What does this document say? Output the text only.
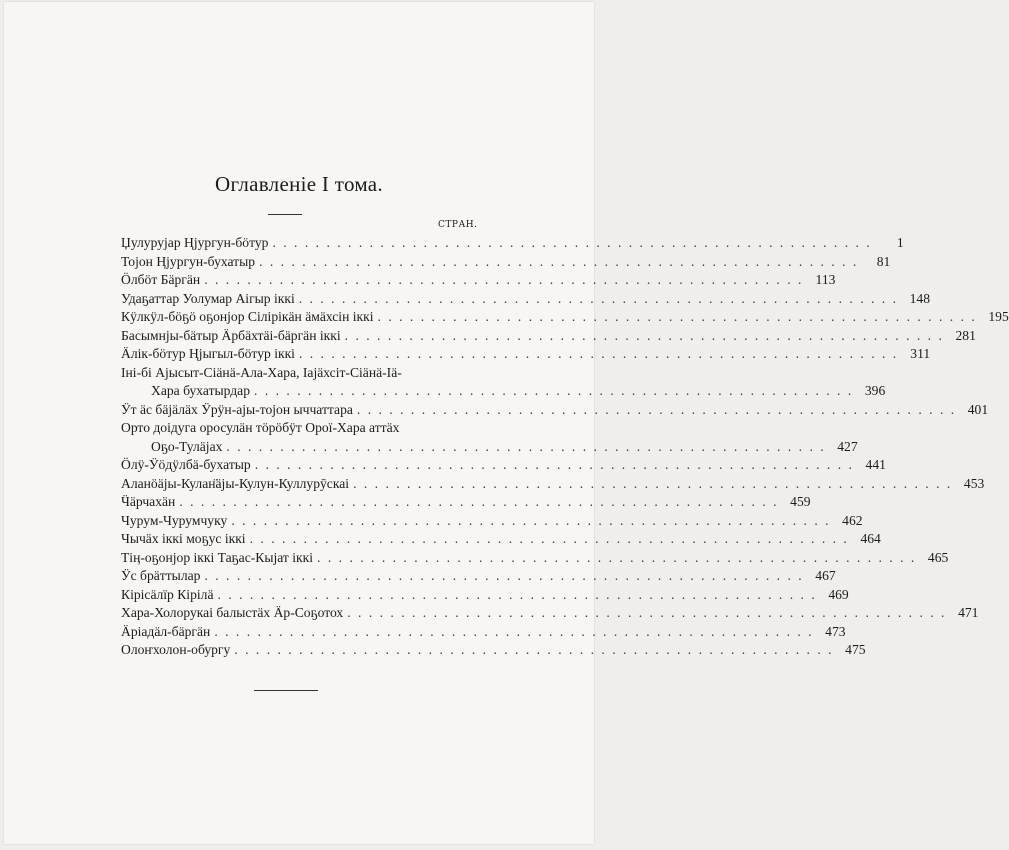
Оглавленіе I тома.
СТРАН.
Џулурујар Ӊјургун-бӧтур . . . . . . . . . . . . . . . . . . . . . . . . . . . . . . . . . . . . . . . . . . . . . . . . . . . . . . . .	1
Тојон Ӊјургун-бухатыр . . . . . . . . . . . . . . . . . . . . . . . . . . . . . . . . . . . . . . . . . . . . . . . . . . . . . . . .	81
Ӧлбӧт Бӓргӓн . . . . . . . . . . . . . . . . . . . . . . . . . . . . . . . . . . . . . . . . . . . . . . . . . . . . . . . . 113
Удаҕаттар Уолумар Аігыр іккі . . . . . . . . . . . . . . . . . . . . . . . . . . . . . . . . . . . . . . . . . . . . . . . . . . . . . . . . 148
Кӱлкӱл-бӧҕӧ оҕонјор Сілірікӓн ӓмӓхсін іккі . . . . . . . . . . . . . . . . . . . . . . . . . . . . . . . . . . . . . . . . . . . . . . . . . . . . . . . . 195
Басымнјы-бӓтыр Ӓрбӓхтӓі-бӓргӓн іккі . . . . . . . . . . . . . . . . . . . . . . . . . . . . . . . . . . . . . . . . . . . . . . . . . . . . . . . . 281
Ӓлік-бӧтур Ӊјыгыл-бӧтур іккі . . . . . . . . . . . . . . . . . . . . . . . . . . . . . . . . . . . . . . . . . . . . . . . . . . . . . . . . 311
Іні-бі Ајысыт-Сіӓнӓ-Ала-Хара, Іајӓхсіт-Сіӓнӓ-Іӓ-
Хара бухатырдар . . . . . . . . . . . . . . . . . . . . . . . . . . . . . . . . . . . . . . . . . . . . . . . . . . . . . . . . 396
Ӱт ӓс бӓјӓлӓх Ӱрӱн-ајы-тојон ыччаттара . . . . . . . . . . . . . . . . . . . . . . . . . . . . . . . . . . . . . . . . . . . . . . . . . . . . . . . . 401
Орто доідуга оросулӓн тӧрӧбӱт Орої-Хара аттӓх
Оҕо-Тулӓјах . . . . . . . . . . . . . . . . . . . . . . . . . . . . . . . . . . . . . . . . . . . . . . . . . . . . . . . . 427
Ӧлӱ-Ӱӧдӱлбӓ-бухатыр . . . . . . . . . . . . . . . . . . . . . . . . . . . . . . . . . . . . . . . . . . . . . . . . . . . . . . . . 441
Аланӧӓјы-Кулан̈ӓјы-Кулун-Куллурӯскаі . . . . . . . . . . . . . . . . . . . . . . . . . . . . . . . . . . . . . . . . . . . . . . . . . . . . . . . . 453
Ӵӓрчахӓн . . . . . . . . . . . . . . . . . . . . . . . . . . . . . . . . . . . . . . . . . . . . . . . . . . . . . . . . 459
Чурум-Чурумчуку . . . . . . . . . . . . . . . . . . . . . . . . . . . . . . . . . . . . . . . . . . . . . . . . . . . . . . . . 462
Чычӓх іккі моҕус іккі . . . . . . . . . . . . . . . . . . . . . . . . . . . . . . . . . . . . . . . . . . . . . . . . . . . . . . . . 464
Тіӊ-оҕонјор іккі Таҕас-Кыјат іккі . . . . . . . . . . . . . . . . . . . . . . . . . . . . . . . . . . . . . . . . . . . . . . . . . . . . . . . . 465
Ӱс брӓттылар . . . . . . . . . . . . . . . . . . . . . . . . . . . . . . . . . . . . . . . . . . . . . . . . . . . . . . . . 467
Кірісӓлїр Кірілӓ . . . . . . . . . . . . . . . . . . . . . . . . . . . . . . . . . . . . . . . . . . . . . . . . . . . . . . . . 469
Хара-Холорукаі балыстӓх Ӓр-Соҕотох . . . . . . . . . . . . . . . . . . . . . . . . . . . . . . . . . . . . . . . . . . . . . . . . . . . . . . . . 471
Ӓріадӓл-бӓргӓн . . . . . . . . . . . . . . . . . . . . . . . . . . . . . . . . . . . . . . . . . . . . . . . . . . . . . . . . 473
Олоҥхолон-обургу . . . . . . . . . . . . . . . . . . . . . . . . . . . . . . . . . . . . . . . . . . . . . . . . . . . . . . . . 475
